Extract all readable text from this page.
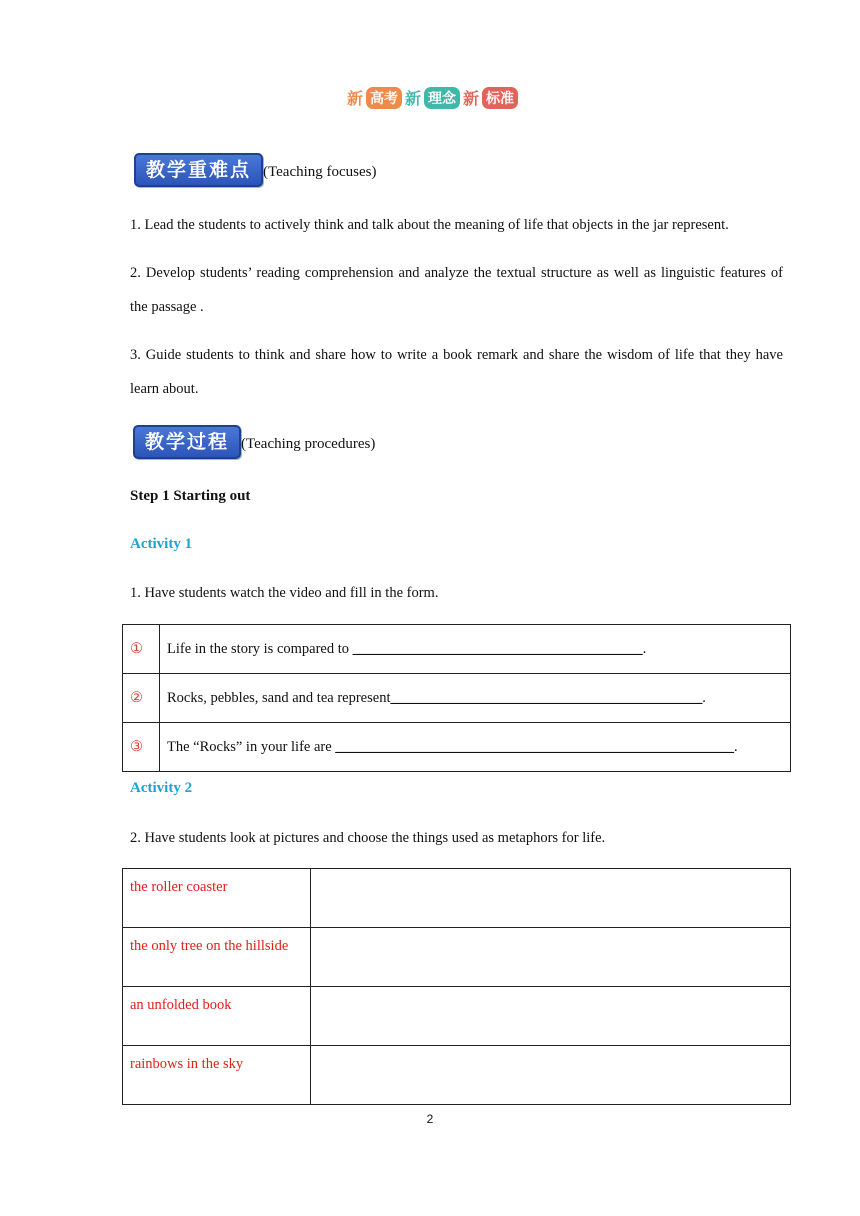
新 高考 新 理念 新 标准
教学重难点 (Teaching focuses)
1. Lead the students to actively think and talk about the meaning of life that objects in the jar represent.
2. Develop students’ reading comprehension and analyze the textual structure as well as linguistic features of the passage .
3. Guide students to think and share how to write a book remark and share the wisdom of life that they have learn about.
教学过程 (Teaching procedures)
Step 1 Starting out
Activity 1
1. Have students watch the video and fill in the form.
①	Life in the story is compared to ________________________________________.
②	Rocks, pebbles, sand and tea represent___________________________________________.
③	The “Rocks” in your life are _______________________________________________________.
Activity 2
2. Have students look at pictures and choose the things used as metaphors for life.
the roller coaster	
the only tree on the hillside	
an unfolded book	
rainbows in the sky	
2
